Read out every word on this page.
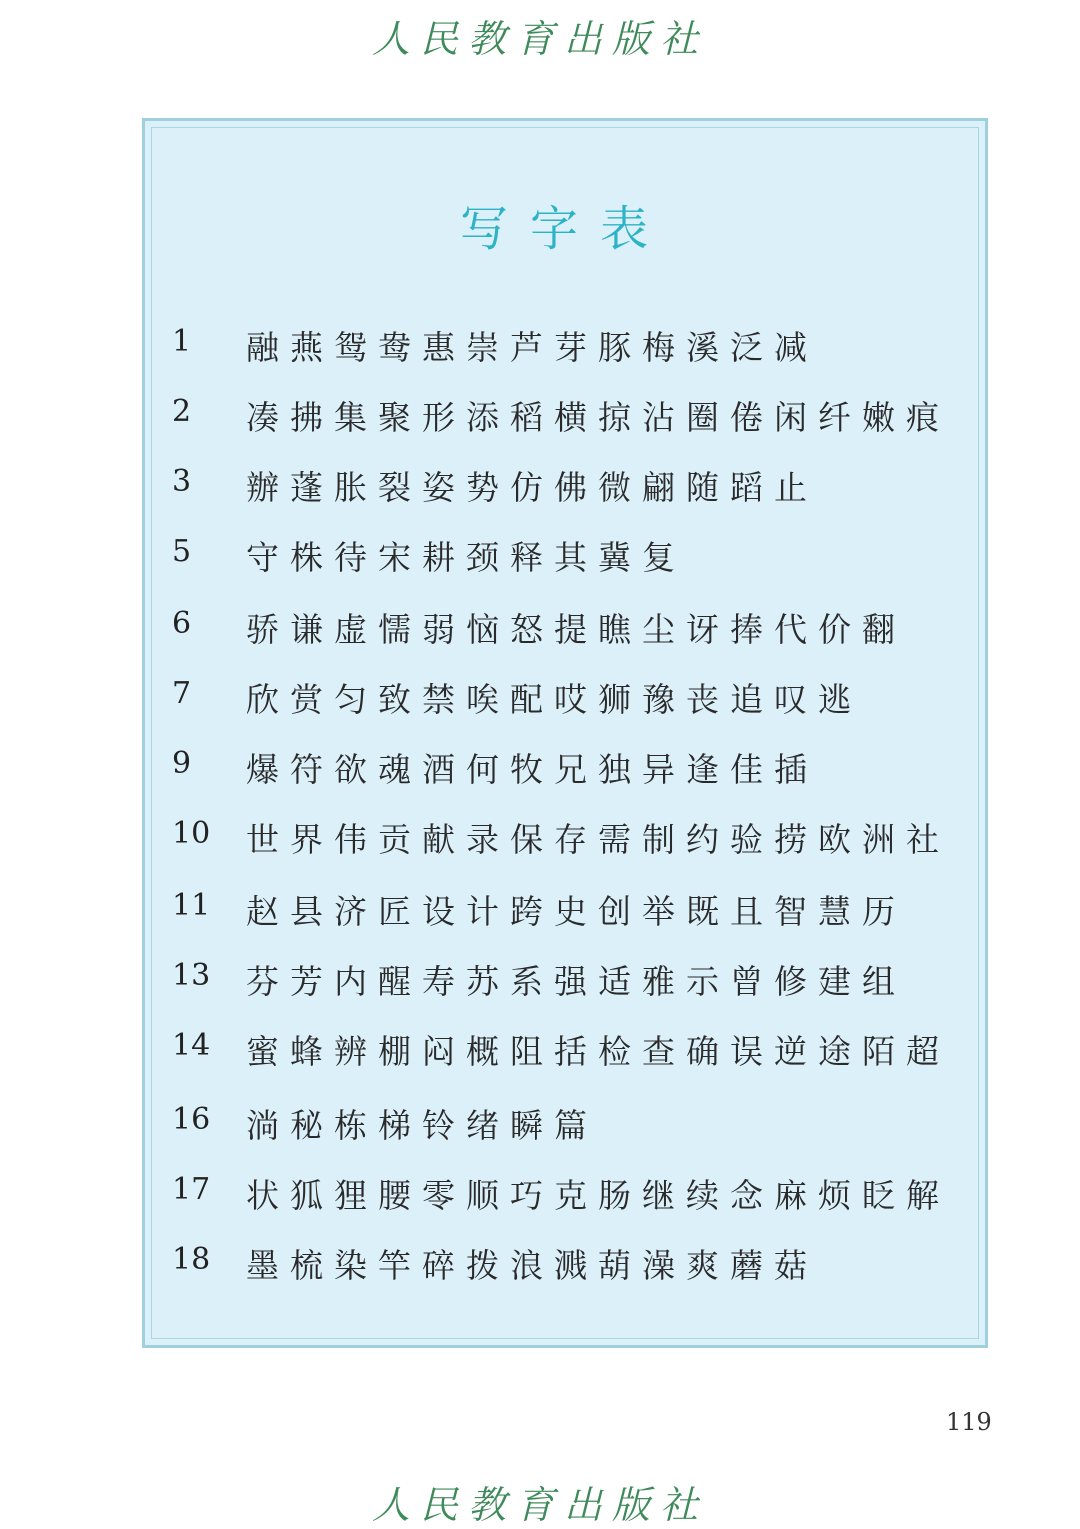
人民教育出版社
写字表
1	融燕鸳鸯惠崇芦芽豚梅溪泛减
2	凑拂集聚形添稻横掠沾圈倦闲纤嫩痕
3	辦蓬胀裂姿势仿佛微翩随蹈止
5	守株待宋耕颈释其冀复
6	骄谦虚懦弱恼怒提瞧尘讶捧代价翻
7	欣赏匀致禁唉配哎狮豫丧追叹逃
9	爆符欲魂酒何牧兄独异逢佳插
10	世界伟贡献录保存需制约验捞欧洲社
11	赵县济匠设计跨史创举既且智慧历
13	芬芳内醒寿苏系强适雅示曾修建组
14	蜜蜂辨棚闷概阻括检查确误逆途陌超
16	淌秘栋梯铃绪瞬篇
17	状狐狸腰零顺巧克肠继续念麻烦眨解
18	墨梳染竿碎拨浪溅葫澡爽蘑菇
119
人民教育出版社
